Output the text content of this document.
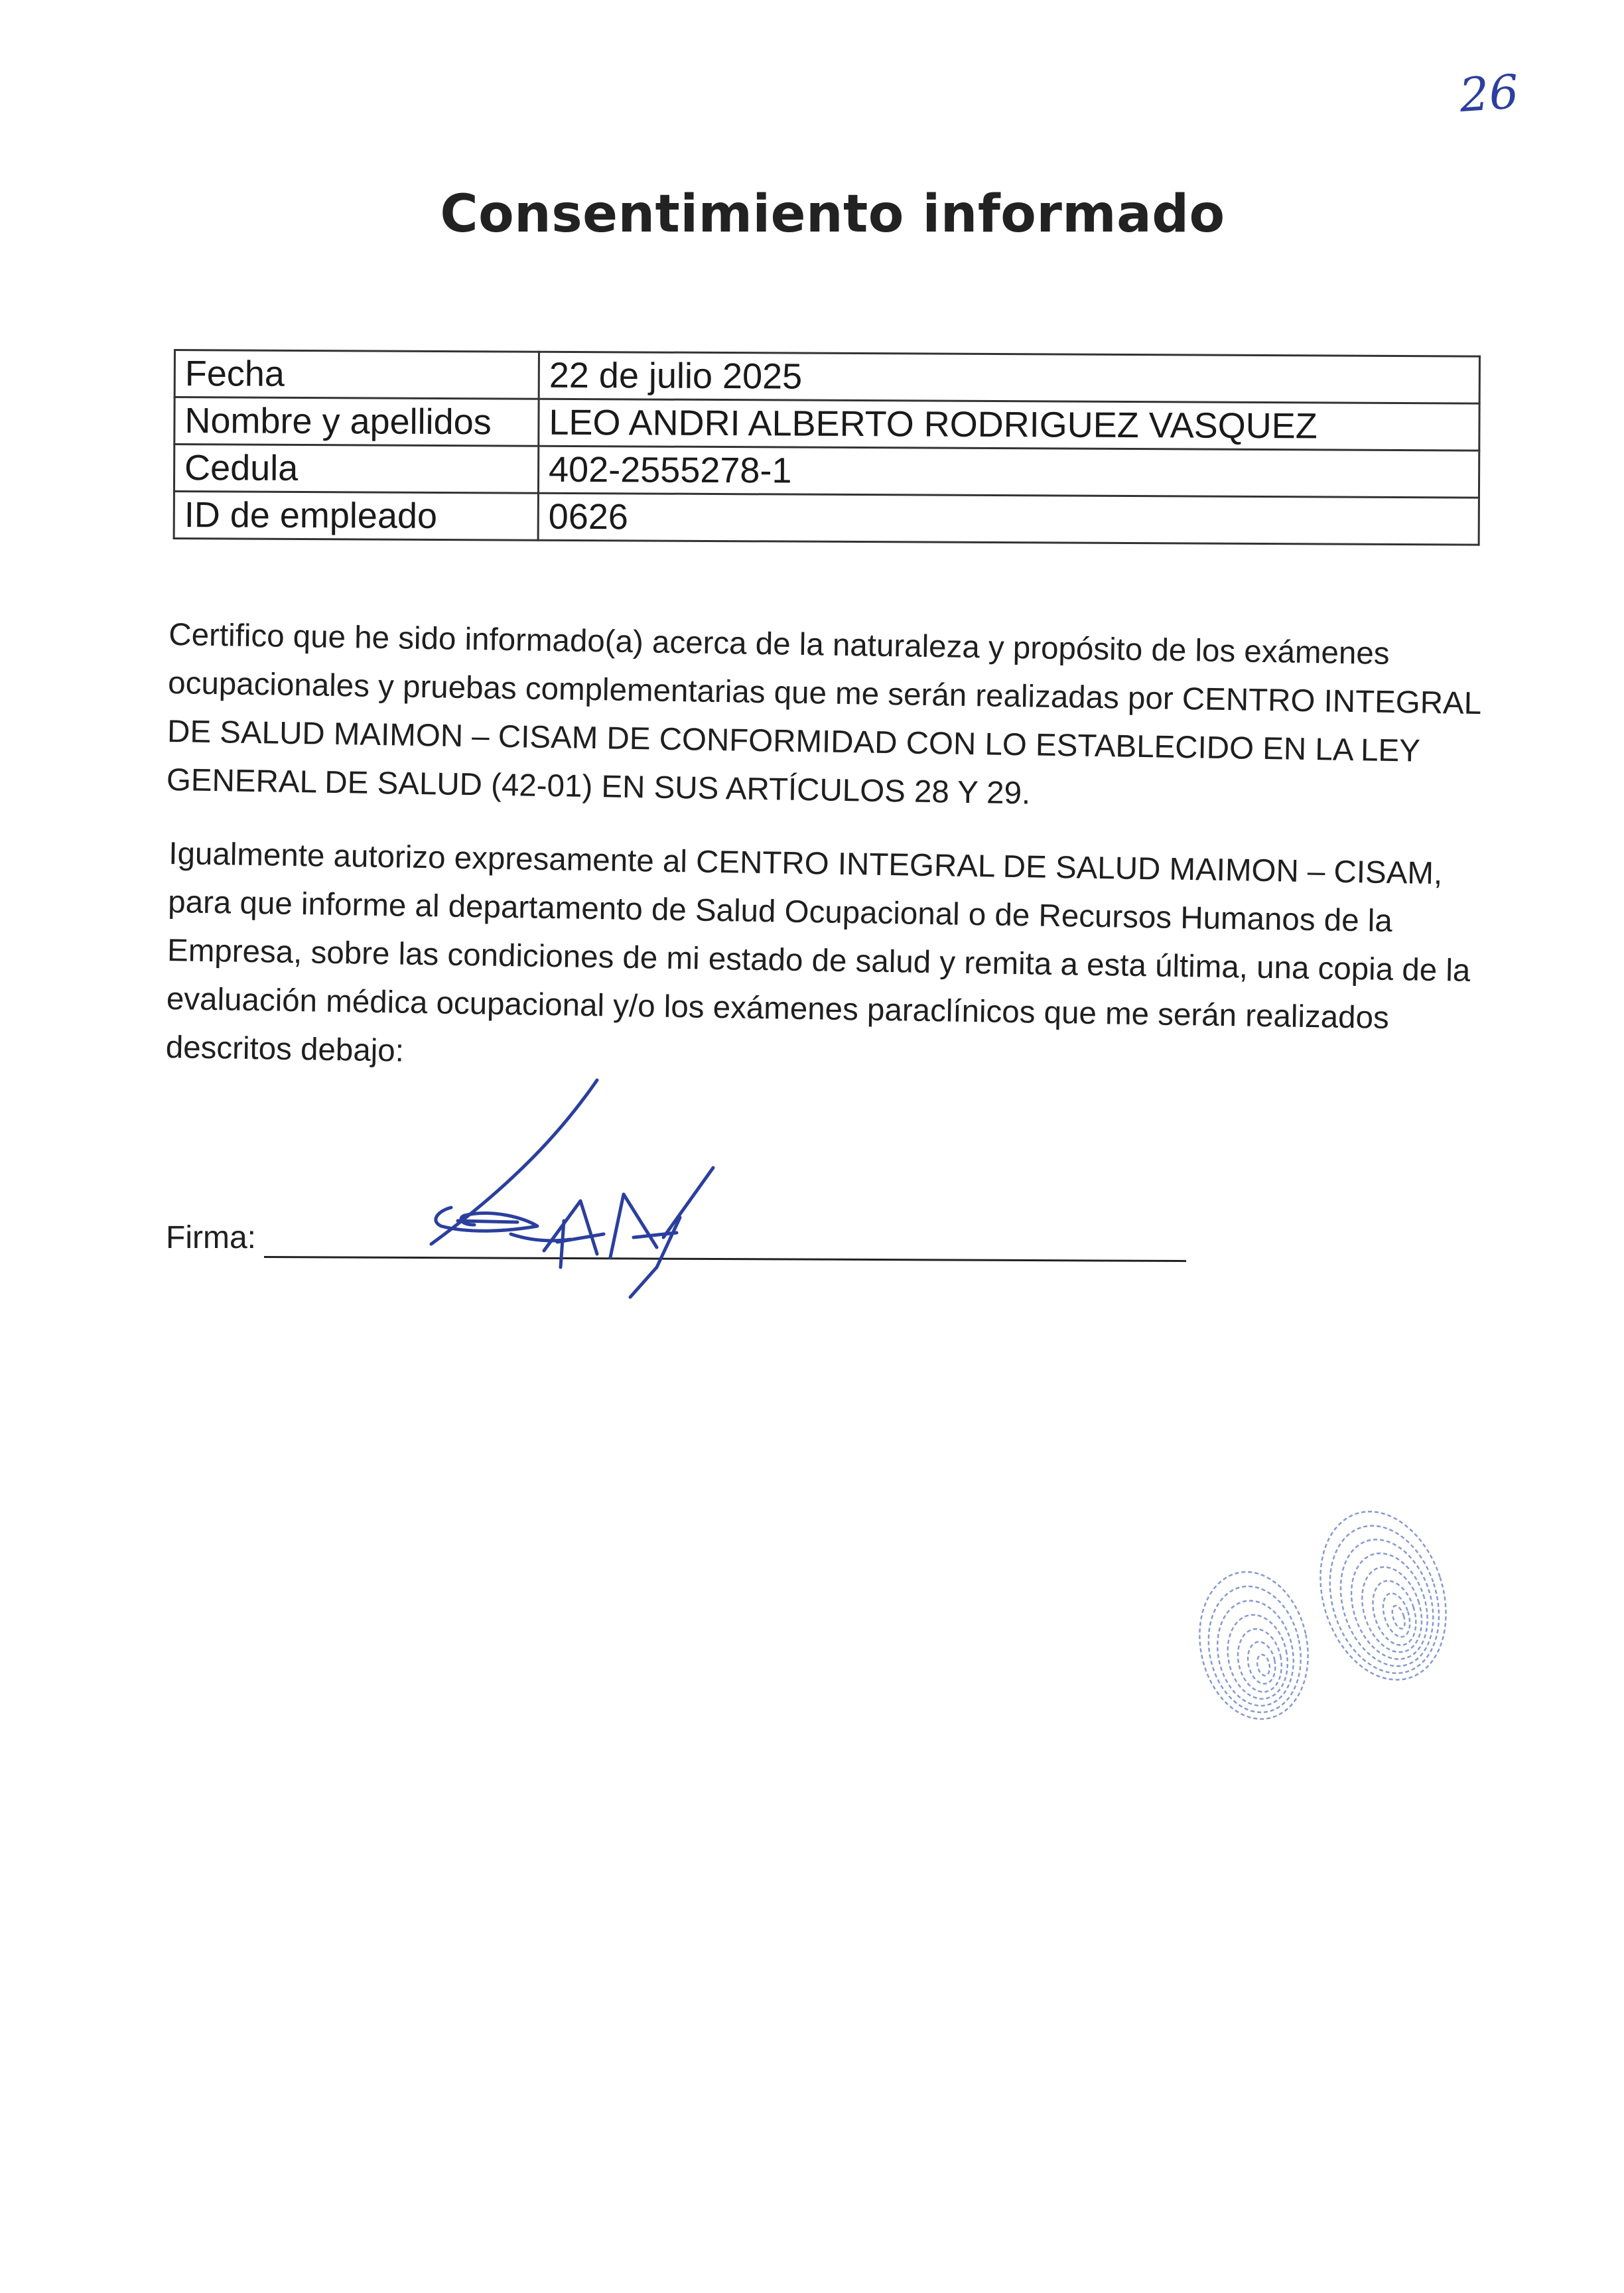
26
Consentimiento informado
Fecha	22 de julio 2025
Nombre y apellidos	LEO ANDRI ALBERTO RODRIGUEZ VASQUEZ
Cedula	402-2555278-1
ID de empleado	0626

Certifico que he sido informado(a) acerca de la naturaleza y propósito de los exámenes ocupacionales y pruebas complementarias que me serán realizadas por CENTRO INTEGRAL DE SALUD MAIMON – CISAM DE CONFORMIDAD CON LO ESTABLECIDO EN LA LEY GENERAL DE SALUD (42-01) EN SUS ARTÍCULOS 28 Y 29.

Igualmente autorizo expresamente al CENTRO INTEGRAL DE SALUD MAIMON – CISAM, para que informe al departamento de Salud Ocupacional o de Recursos Humanos de la Empresa, sobre las condiciones de mi estado de salud y remita a esta última, una copia de la evaluación médica ocupacional y/o los exámenes paraclínicos que me serán realizados descritos debajo:

Firma:
